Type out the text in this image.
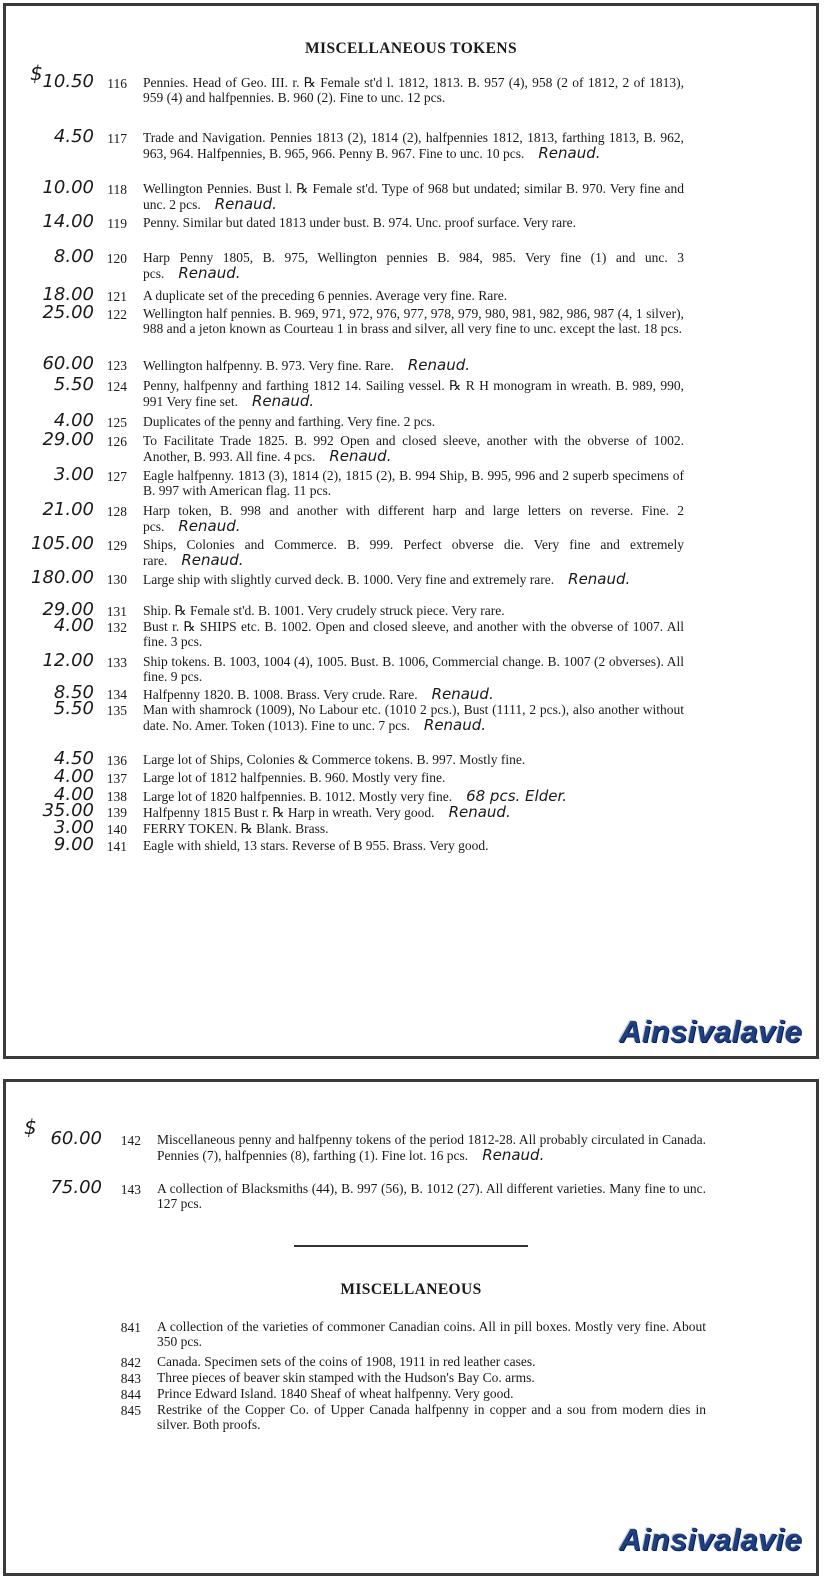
MISCELLANEOUS TOKENS
$ 10.50 116 Pennies. Head of Geo. III. r. ℞ Female st'd l. 1812, 1813. B. 957 (4), 958 (2 of 1812, 2 of 1813), 959 (4) and halfpennies. B. 960 (2). Fine to unc. 12 pcs.
4.50 117 Trade and Navigation. Pennies 1813 (2), 1814 (2), halfpennies 1812, 1813, farthing 1813, B. 962, 963, 964. Halfpennies, B. 965, 966. Penny B. 967. Fine to unc. 10 pcs. Renaud.
10.00 118 Wellington Pennies. Bust l. ℞ Female st'd. Type of 968 but undated; similar B. 970. Very fine and unc. 2 pcs. Renaud.
14.00 119 Penny. Similar but dated 1813 under bust. B. 974. Unc. proof surface. Very rare.
8.00 120 Harp Penny 1805, B. 975, Wellington pennies B. 984, 985. Very fine (1) and unc. 3 pcs. Renaud.
18.00 121 A duplicate set of the preceding 6 pennies. Average very fine. Rare.
25.00 122 Wellington half pennies. B. 969, 971, 972, 976, 977, 978, 979, 980, 981, 982, 986, 987 (4, 1 silver), 988 and a jeton known as Courteau 1 in brass and silver, all very fine to unc. except the last. 18 pcs.
60.00 123 Wellington halfpenny. B. 973. Very fine. Rare. Renaud.
5.50 124 Penny, halfpenny and farthing 1812 14. Sailing vessel. ℞ R H monogram in wreath. B. 989, 990, 991 Very fine set. Renaud.
4.00 125 Duplicates of the penny and farthing. Very fine. 2 pcs.
29.00 126 To Facilitate Trade 1825. B. 992 Open and closed sleeve, another with the obverse of 1002. Another, B. 993. All fine. 4 pcs. Renaud.
3.00 127 Eagle halfpenny. 1813 (3), 1814 (2), 1815 (2), B. 994 Ship, B. 995, 996 and 2 superb specimens of B. 997 with American flag. 11 pcs.
21.00 128 Harp token, B. 998 and another with different harp and large letters on reverse. Fine. 2 pcs. Renaud.
105.00 129 Ships, Colonies and Commerce. B. 999. Perfect obverse die. Very fine and extremely rare. Renaud.
180.00 130 Large ship with slightly curved deck. B. 1000. Very fine and extremely rare. Renaud.
29.00 131 Ship. ℞ Female st'd. B. 1001. Very crudely struck piece. Very rare.
4.00 132 Bust r. ℞ SHIPS etc. B. 1002. Open and closed sleeve, and another with the obverse of 1007. All fine. 3 pcs.
12.00 133 Ship tokens. B. 1003, 1004 (4), 1005. Bust. B. 1006, Commercial change. B. 1007 (2 obverses). All fine. 9 pcs.
8.50 134 Halfpenny 1820. B. 1008. Brass. Very crude. Rare. Renaud.
5.50 135 Man with shamrock (1009), No Labour etc. (1010 2 pcs.), Bust (1111, 2 pcs.), also another without date. No. Amer. Token (1013). Fine to unc. 7 pcs. Renaud.
4.50 136 Large lot of Ships, Colonies & Commerce tokens. B. 997. Mostly fine.
4.00 137 Large lot of 1812 halfpennies. B. 960. Mostly very fine.
4.00 138 Large lot of 1820 halfpennies. B. 1012. Mostly very fine. 68 pcs. Elder.
35.00 139 Halfpenny 1815 Bust r. ℞ Harp in wreath. Very good. Renaud.
3.00 140 FERRY TOKEN. ℞ Blank. Brass.
9.00 141 Eagle with shield, 13 stars. Reverse of B 955. Brass. Very good.
Ainsivalavie
$ 60.00	142 Miscellaneous penny and halfpenny tokens of the period 1812-28. All probably circulated in Canada. Pennies (7), halfpennies (8), farthing (1). Fine lot. 16 pcs. Renaud.
75.00	143 A collection of Blacksmiths (44), B. 997 (56), B. 1012 (27). All different varieties. Many fine to unc. 127 pcs.
MISCELLANEOUS
841 A collection of the varieties of commoner Canadian coins. All in pill boxes. Mostly very fine. About 350 pcs.
842 Canada. Specimen sets of the coins of 1908, 1911 in red leather cases.
843 Three pieces of beaver skin stamped with the Hudson's Bay Co. arms.
844 Prince Edward Island. 1840 Sheaf of wheat halfpenny. Very good.
845 Restrike of the Copper Co. of Upper Canada halfpenny in copper and a sou from modern dies in silver. Both proofs.
Ainsivalavie
